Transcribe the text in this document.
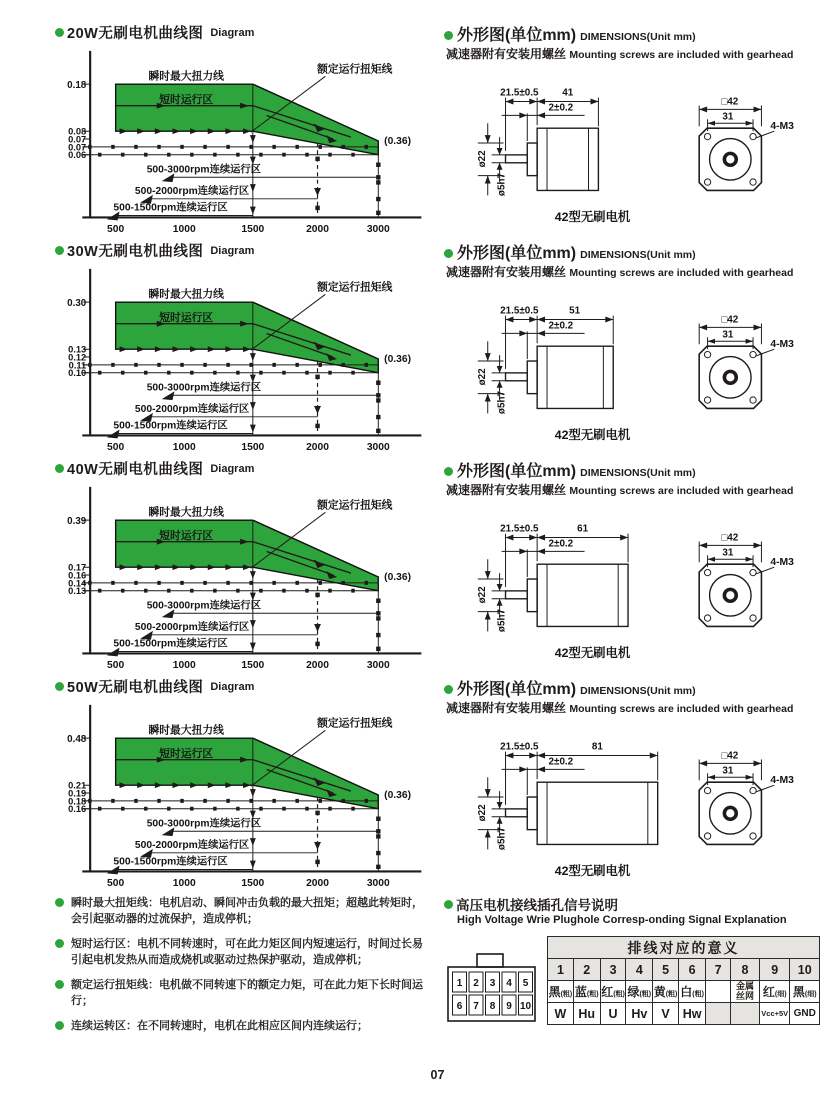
20W无刷电机曲线图 Diagram
0.18
0.08
0.07
0.07
0.06
瞬时最大扭力线
短时运行区
额定运行扭矩线
(0.36)
500-3000rpm连续运行区
500-2000rpm连续运行区
500-1500rpm连续运行区
500	1000	1500	2000	3000
30W无刷电机曲线图 Diagram
0.30
0.13
0.12
0.11
0.10
瞬时最大扭力线
短时运行区
额定运行扭矩线
(0.36)
500-3000rpm连续运行区
500-2000rpm连续运行区
500-1500rpm连续运行区
500	1000	1500	2000	3000
40W无刷电机曲线图 Diagram
0.39
0.17
0.16
0.14
0.13
瞬时最大扭力线
短时运行区
额定运行扭矩线
(0.36)
500-3000rpm连续运行区
500-2000rpm连续运行区
500-1500rpm连续运行区
500	1000	1500	2000	3000
50W无刷电机曲线图 Diagram
0.48
0.21
0.19
0.18
0.16
瞬时最大扭力线
短时运行区
额定运行扭矩线
(0.36)
500-3000rpm连续运行区
500-2000rpm连续运行区
500-1500rpm连续运行区
500	1000	1500	2000	3000
瞬时最大扭矩线：电机启动、瞬间冲击负载的最大扭矩；超越此转矩时，会引起驱动器的过流保护，造成停机；
短时运行区：电机不同转速时，可在此力矩区间内短速运行，时间过长易引起电机发热从而造成烧机或驱动过热保护驱动，造成停机；
额定运行扭矩线：电机做不同转速下的额定力矩，可在此力矩下长时间运行；
连续运转区：在不同转速时，电机在此相应区间内连续运行；
外形图(单位mm) DIMENSIONS(Unit mm)
减速器附有安装用螺丝 Mounting screws are included with gearhead
21.5±0.5 41
2±0.2
ø22
ø5h7
□42
31
4-M3
42型无刷电机
外形图(单位mm) DIMENSIONS(Unit mm)
减速器附有安装用螺丝 Mounting screws are included with gearhead
21.5±0.5	51
2±0.2
ø22
ø5h7
□42
31
4-M3
42型无刷电机
外形图(单位mm) DIMENSIONS(Unit mm)
减速器附有安装用螺丝 Mounting screws are included with gearhead
21.5±0.5	61
2±0.2
ø22
ø5h7
□42
31
4-M3
42型无刷电机
外形图(单位mm) DIMENSIONS(Unit mm)
减速器附有安装用螺丝 Mounting screws are included with gearhead
21.5±0.5	81
2±0.2
ø22
ø5h7
□42
31
4-M3
42型无刷电机
高压电机接线插孔信号说明
High Voltage Wrie Plughole Corresp-onding Signal Explanation
1 2 3 4 5
6 7 8 9 10
排线对应的意义									
1	2	3	4	5	6	7	8	9	10
黑(粗)	蓝(粗)	红(粗)	绿(粗)	黄(粗)	白(粗)		金属丝网	红(细)	黑(细)
W	Hu	U	Hv	V	Hw			Vcc+5V	GND
07
